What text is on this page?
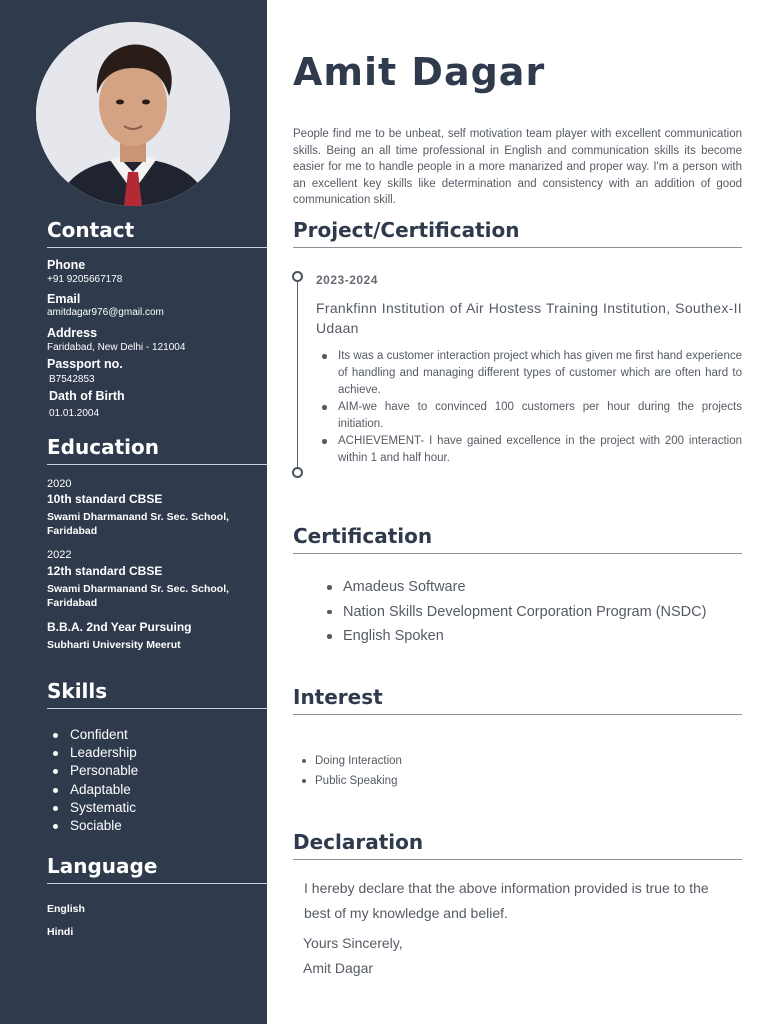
Contact
Phone
+91 9205667178
Email
amitdagar976@gmail.com
Address
Faridabad, New Delhi - 121004
Passport no.
B7542853
Dath of Birth
01.01.2004
Education
2020
10th standard CBSE
Swami Dharmanand Sr. Sec. School, Faridabad
2022
12th standard CBSE
Swami Dharmanand Sr. Sec. School, Faridabad
B.B.A. 2nd Year Pursuing
Subharti University Meerut
Skills
Confident
Leadership
Personable
Adaptable
Systematic
Sociable
Language
English
Hindi
Amit Dagar
People find me to be unbeat, self motivation team player with excellent communication skills. Being an all time professional in English and communication skills its become easier for me to handle people in a more manarized and proper way. I'm a person with an excellent key skills like determination and consistency with an addition of good communication skill.
Project/Certification
2023-2024
Frankfinn Institution of Air Hostess Training Institution, Southex-II Udaan
Its was a customer interaction project which has given me first hand experience of handling and managing different types of customer which are often hard to achieve.
AIM-we have to convinced 100 customers per hour during the projects initiation.
ACHIEVEMENT- I have gained excellence in the project with 200 interaction within 1 and half hour.
Certification
Amadeus Software
Nation Skills Development Corporation Program (NSDC)
English Spoken
Interest
Doing Interaction
Public Speaking
Declaration
I hereby declare that the above information provided is true to the best of my knowledge and belief.
Yours Sincerely,
Amit Dagar
